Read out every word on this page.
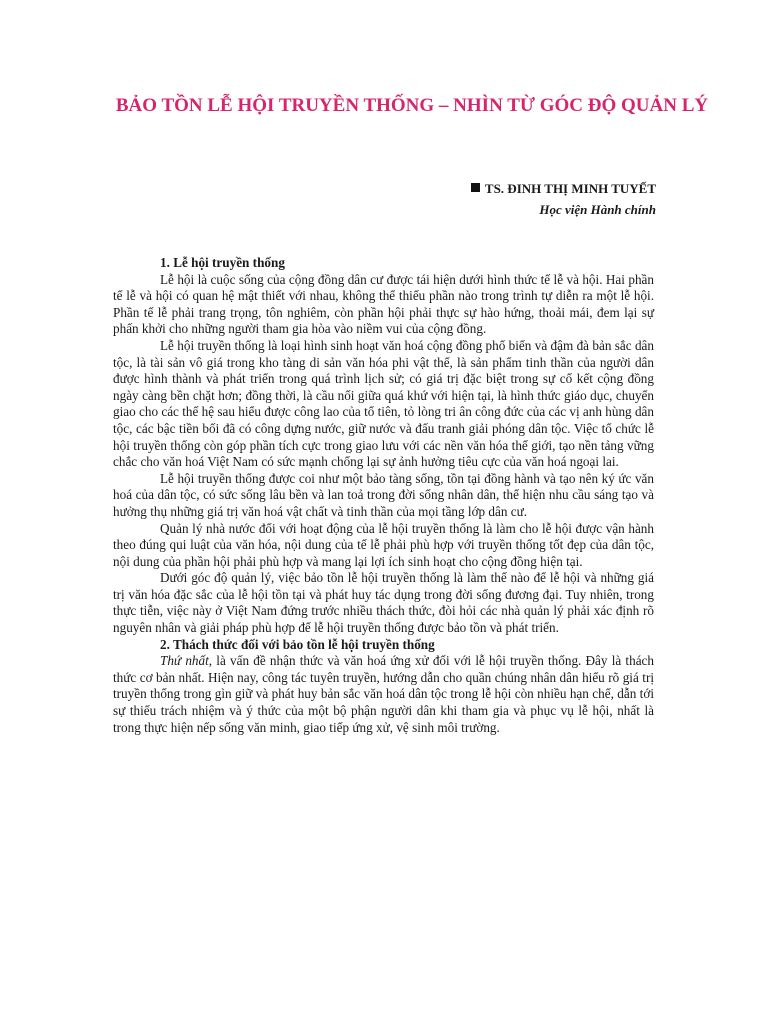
BẢO TỒN LỄ HỘI TRUYỀN THỐNG – NHÌN TỪ GÓC ĐỘ QUẢN LÝ
TS. ĐINH THỊ MINH TUYẾT
Học viện Hành chính

1. Lễ hội truyền thống

Lễ hội là cuộc sống của cộng đồng dân cư được tái hiện dưới hình thức tế lễ và hội. Hai phần tế lễ và hội có quan hệ mật thiết với nhau, không thể thiếu phần nào trong trình tự diễn ra một lễ hội. Phần tế lễ phải trang trọng, tôn nghiêm, còn phần hội phải thực sự hào hứng, thoải mái, đem lại sự phấn khởi cho những người tham gia hòa vào niềm vui của cộng đồng.

Lễ hội truyền thống là loại hình sinh hoạt văn hoá cộng đồng phổ biến và đậm đà bản sắc dân tộc, là tài sản vô giá trong kho tàng di sản văn hóa phi vật thể, là sản phẩm tinh thần của người dân được hình thành và phát triển trong quá trình lịch sử; có giá trị đặc biệt trong sự cố kết cộng đồng ngày càng bền chặt hơn; đồng thời, là cầu nối giữa quá khứ với hiện tại, là hình thức giáo dục, chuyển giao cho các thế hệ sau hiểu được công lao của tổ tiên, tỏ lòng tri ân công đức của các vị anh hùng dân tộc, các bậc tiền bối đã có công dựng nước, giữ nước và đấu tranh giải phóng dân tộc. Việc tổ chức lễ hội truyền thống còn góp phần tích cực trong giao lưu với các nền văn hóa thế giới, tạo nền tảng vững chắc cho văn hoá Việt Nam có sức mạnh chống lại sự ảnh hưởng tiêu cực của văn hoá ngoại lai.

Lễ hội truyền thống được coi như một bảo tàng sống, tồn tại đồng hành và tạo nên ký ức văn hoá của dân tộc, có sức sống lâu bền và lan toả trong đời sống nhân dân, thể hiện nhu cầu sáng tạo và hưởng thụ những giá trị văn hoá vật chất và tinh thần của mọi tầng lớp dân cư.

Quản lý nhà nước đối với hoạt động của lễ hội truyền thống là làm cho lễ hội được vận hành theo đúng qui luật của văn hóa, nội dung của tế lễ phải phù hợp với truyền thống tốt đẹp của dân tộc, nội dung của phần hội phải phù hợp và mang lại lợi ích sinh hoạt cho cộng đồng hiện tại.

Dưới góc độ quản lý, việc bảo tồn lễ hội truyền thống là làm thế nào để lễ hội và những giá trị văn hóa đặc sắc của lễ hội tồn tại và phát huy tác dụng trong đời sống đương đại. Tuy nhiên, trong thực tiễn, việc này ở Việt Nam đứng trước nhiều thách thức, đòi hỏi các nhà quản lý phải xác định rõ nguyên nhân và giải pháp phù hợp để lễ hội truyền thống được bảo tồn và phát triển.

2. Thách thức đối với bảo tồn lễ hội truyền thống

Thứ nhất, là vấn đề nhận thức và văn hoá ứng xử đối với lễ hội truyền thống. Đây là thách thức cơ bản nhất. Hiện nay, công tác tuyên truyền, hướng dẫn cho quần chúng nhân dân hiểu rõ giá trị truyền thống trong gìn giữ và phát huy bản sắc văn hoá dân tộc trong lễ hội còn nhiều hạn chế, dẫn tới sự thiếu trách nhiệm và ý thức của một bộ phận người dân khi tham gia và phục vụ lễ hội, nhất là trong thực hiện nếp sống văn minh, giao tiếp ứng xử, vệ sinh môi trường.
